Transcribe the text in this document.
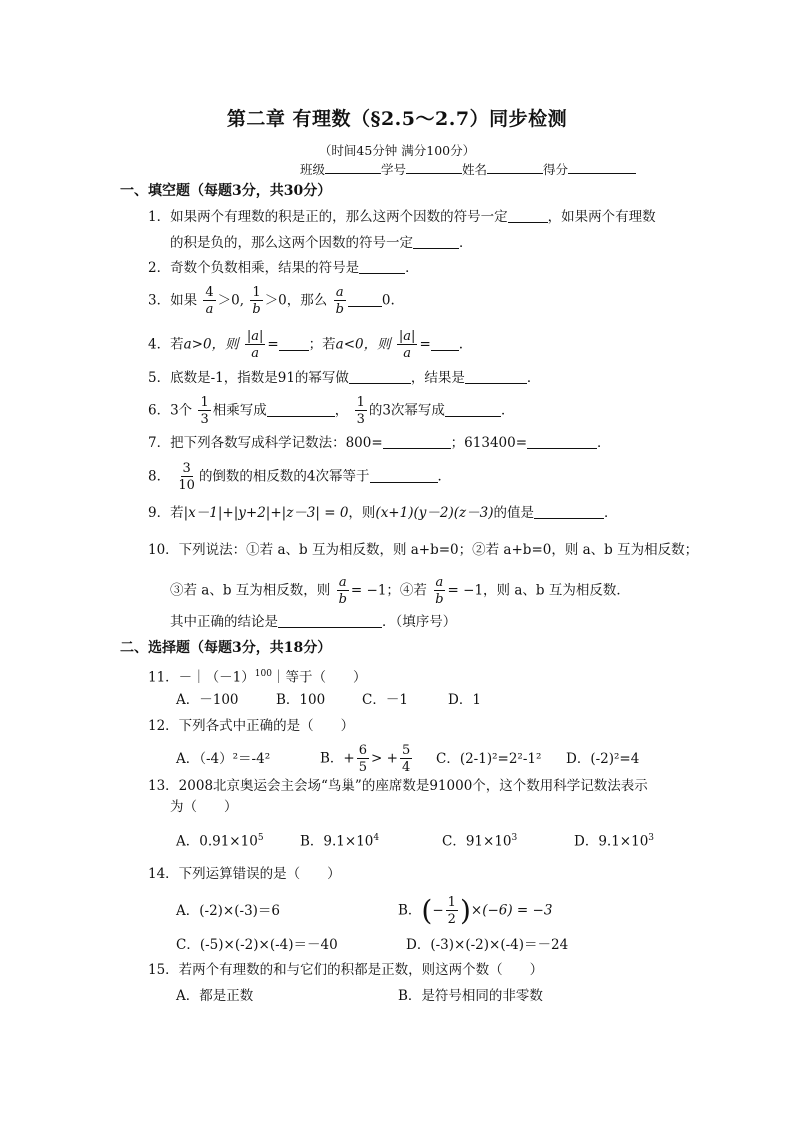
第二章 有理数（§2.5～2.7）同步检测
（时间45分钟 满分100分）
班级	学号	姓名	得分
一、填空题（每题3分，共30分）
1．如果两个有理数的积是正的，那么这两个因数的符号一定	，如果两个有理数
的积是负的，那么这两个因数的符号一定	．
2．奇数个负数相乘，结果的符号是	．
3．如果 $\frac{4}{a} >0$, $\frac{1}{b} >0$，那么 $\frac{a}{b}$	0.
4．若a>0，则 $\frac{|a|}{a}$ = ；若a<0，则 $\frac{|a|}{a}$ = .
5．底数是-1，指数是91的幂写做	，结果是	．
6．3个 $\frac{1}{3}$ 相乘写成	， $\frac{1}{3}$ 的3次幂写成	．
7．把下列各数写成科学记数法：800=	；613400=	．
8． $\frac{3}{10}$ 的倒数的相反数的4次幂等于	．
9．若|x－1|+|y+2|+|z－3| = 0，则(x+1)(y－2)(z－3)的值是	．
10．下列说法：①若 a、b 互为相反数，则 a+b=0；②若 a+b=0，则 a、b 互为相反数；
③若 a、b 互为相反数，则 $\frac{a}{b} = -1$；④若 $\frac{a}{b} = -1$，则 a、b 互为相反数．
其中正确的结论是	．（填序号）
二、选择题（每题3分，共18分）
11．$-|(-1)^{100}|$等于（　　）
A．－100	B．100	C．－1	D．1
12．下列各式中正确的是（　　）
A．（-4）²＝-4²	B．+ $\frac{6}{5}$ > + $\frac{5}{4}$ C．(2-1)²=2²-1² D．(-2)²=4
13．2008北京奥运会主会场“鸟巢”的座席数是91000个，这个数用科学记数法表示
为（　　）
A．$0.91\times 10^5$	B．$9.1\times 10^4$	C．$91\times 10^3$	D．$9.1\times 10^3$
14．下列运算错误的是（　　）
A．(-2)×(-3)＝6	B．(− $\frac{1}{2} )\times(-6) = -3$
C．(-5)×(-2)×(-4)＝－40	D．(-3)×(-2)×(-4)＝－24
15．若两个有理数的和与它们的积都是正数，则这两个数（　　）
A．都是正数	B．是符号相同的非零数
